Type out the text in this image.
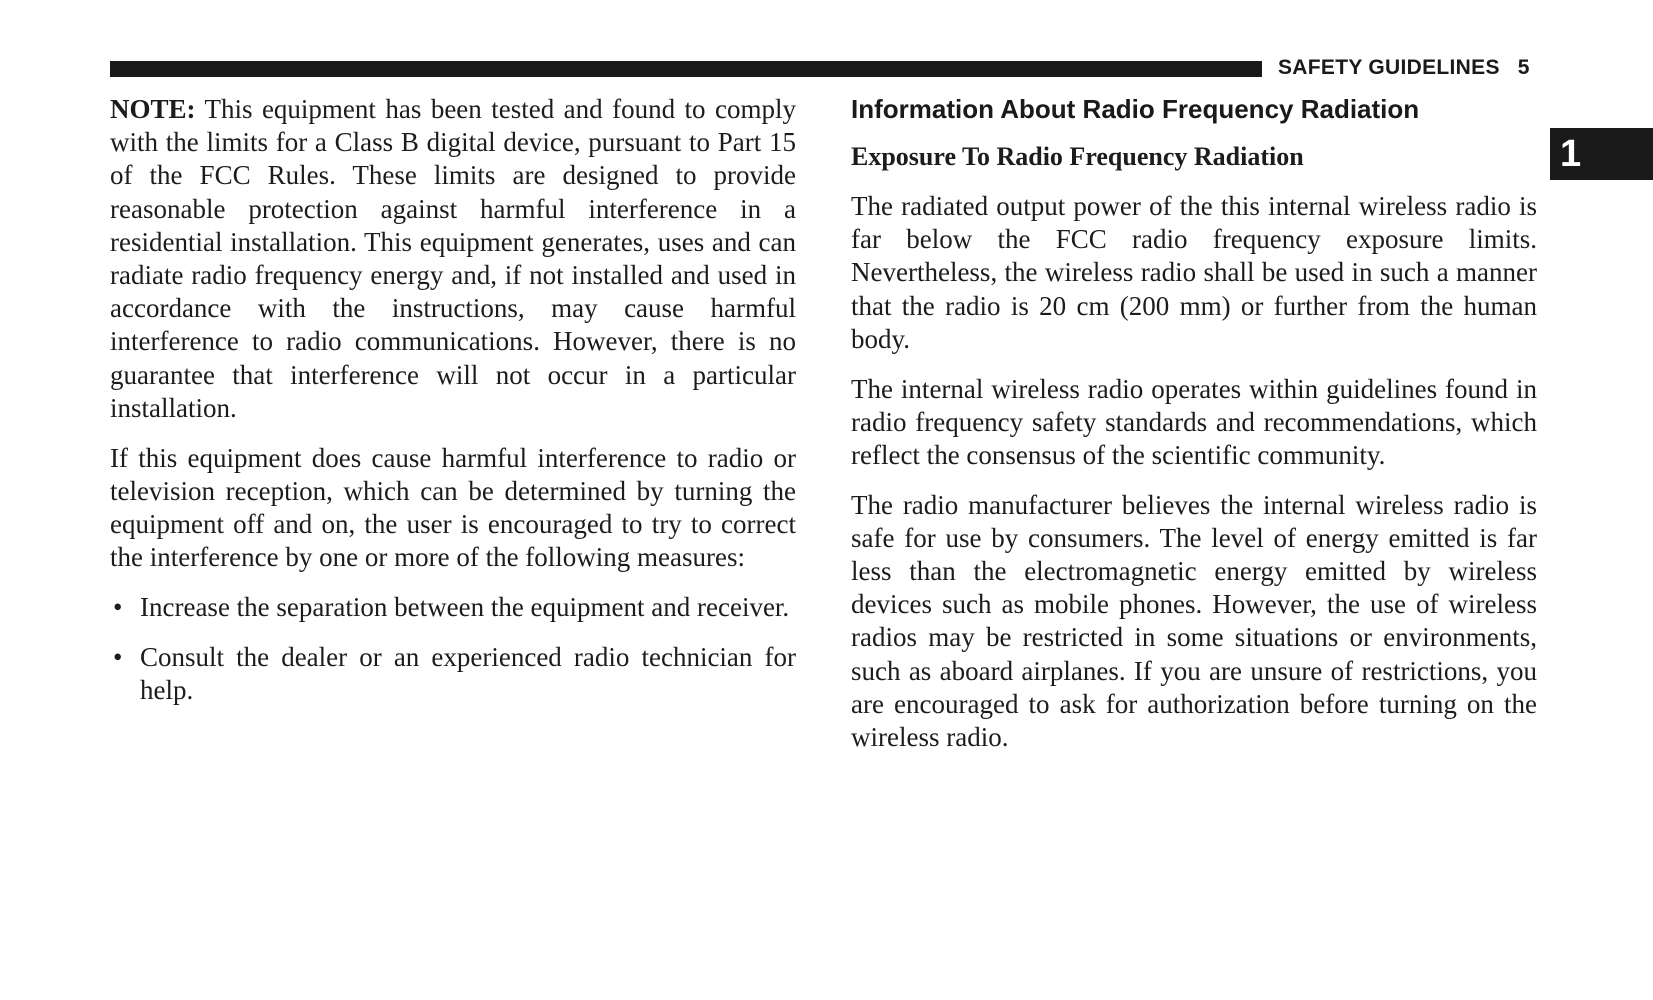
SAFETY GUIDELINES 5
1

NOTE: This equipment has been tested and found to comply with the limits for a Class B digital device, pursuant to Part 15 of the FCC Rules. These limits are designed to provide reasonable protection against harmful interference in a residential installation. This equipment generates, uses and can radiate radio frequency energy and, if not installed and used in accordance with the instructions, may cause harmful interference to radio communications. However, there is no guarantee that interference will not occur in a particular installation.

If this equipment does cause harmful interference to radio or television reception, which can be determined by turning the equipment off and on, the user is encouraged to try to correct the interference by one or more of the following measures:

• Increase the separation between the equipment and receiver.
• Consult the dealer or an experienced radio technician for help.
Information About Radio Frequency Radiation
Exposure To Radio Frequency Radiation

The radiated output power of the this internal wireless radio is far below the FCC radio frequency exposure limits. Nevertheless, the wireless radio shall be used in such a manner that the radio is 20 cm (200 mm) or further from the human body.

The internal wireless radio operates within guidelines found in radio frequency safety standards and recommendations, which reflect the consensus of the scientific community.

The radio manufacturer believes the internal wireless radio is safe for use by consumers. The level of energy emitted is far less than the electromagnetic energy emitted by wireless devices such as mobile phones. However, the use of wireless radios may be restricted in some situations or environments, such as aboard airplanes. If you are unsure of restrictions, you are encouraged to ask for authorization before turning on the wireless radio.
